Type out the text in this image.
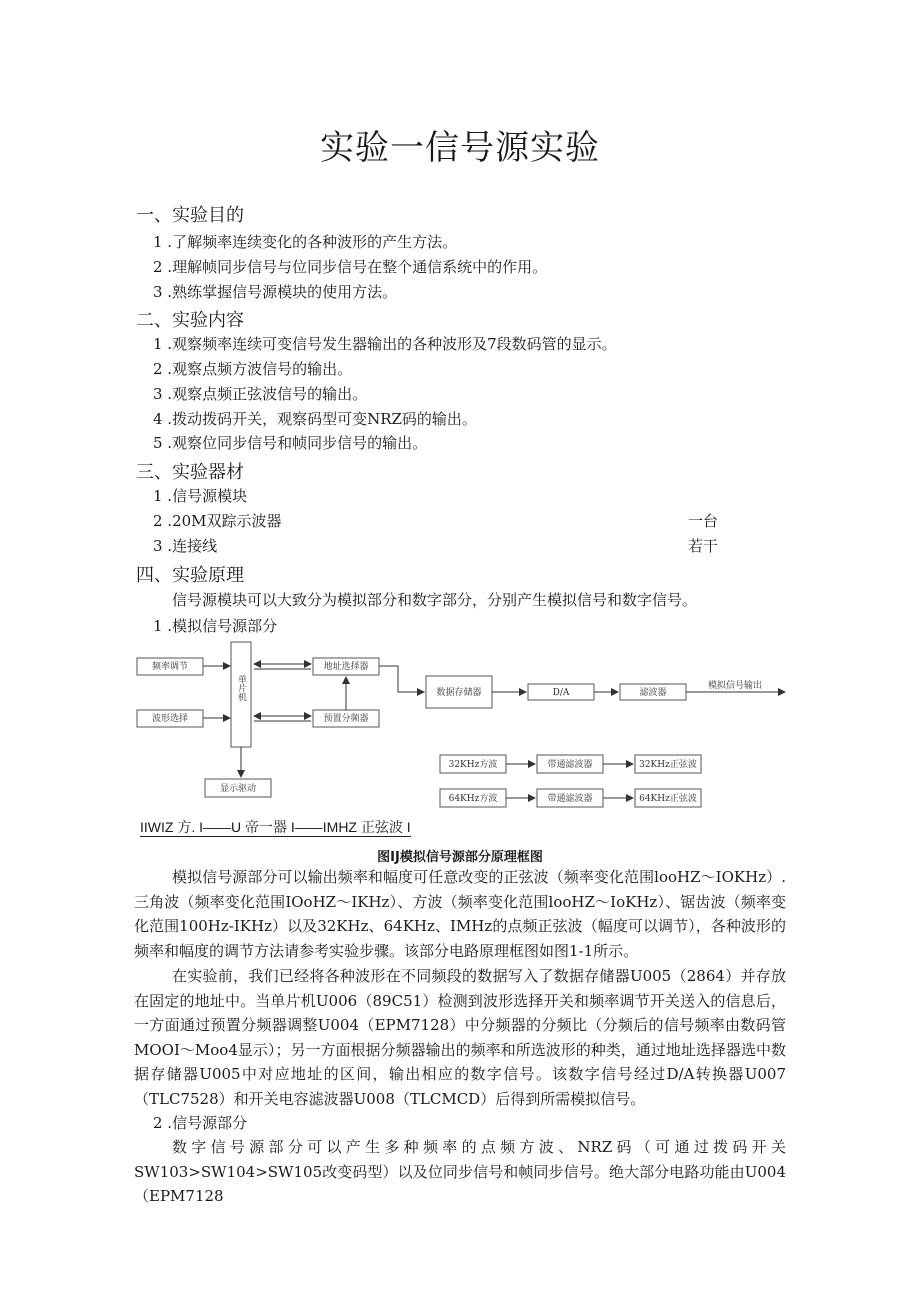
实验一信号源实验
一、实验目的
1 .了解频率连续变化的各种波形的产生方法。
2 .理解帧同步信号与位同步信号在整个通信系统中的作用。
3 .熟练掌握信号源模块的使用方法。
二、实验内容
1 .观察频率连续可变信号发生器输出的各种波形及7段数码管的显示。
2 .观察点频方波信号的输出。
3 .观察点频正弦波信号的输出。
4 .拨动拨码开关，观察码型可变NRZ码的输出。
5 .观察位同步信号和帧同步信号的输出。
三、实验器材
1 .信号源模块
2 .20M双踪示波器	一台
3 .连接线	若干
四、实验原理
信号源模块可以大致分为模拟部分和数字部分，分别产生模拟信号和数字信号。
1 .模拟信号源部分
频率调节
波形选择
单片机
地址选择器
预置分频器
数据存储器	D/A	滤波器
模拟信号输出
显示驱动
32KHz方波	带通滤波器	32KHz正弦波
64KHz方波	带通滤波器	64KHz正弦波
IIWIZ 方. I——U 帝一器 I——IMHZ 正弦波 I
图IJ模拟信号源部分原理框图
模拟信号源部分可以输出频率和幅度可任意改变的正弦波（频率变化范围looHZ～IOKHz）.三角波（频率变化范围IOoHZ～IKHz）、方波（频率变化范围looHZ～IoKHz）、锯齿波（频率变化范围100Hz-IKHz）以及32KHz、64KHz、IMHz的点频正弦波（幅度可以调节），各种波形的频率和幅度的调节方法请参考实验步骤。该部分电路原理框图如图1-1所示。
在实验前，我们已经将各种波形在不同频段的数据写入了数据存储器U005（2864）并存放在固定的地址中。当单片机U006（89C51）检测到波形选择开关和频率调节开关送入的信息后，一方面通过预置分频器调整U004（EPM7128）中分频器的分频比（分频后的信号频率由数码管MOOI～Moo4显示）；另一方面根据分频器输出的频率和所选波形的种类，通过地址选择器选中数据存储器U005中对应地址的区间，输出相应的数字信号。该数字信号经过D/A转换器U007（TLC7528）和开关电容滤波器U008（TLCMCD）后得到所需模拟信号。
2 .信号源部分
数字信号源部分可以产生多种频率的点频方波、NRZ码（可通过拨码开关SW103>SW104>SW105改变码型）以及位同步信号和帧同步信号。绝大部分电路功能由U004（EPM7128
